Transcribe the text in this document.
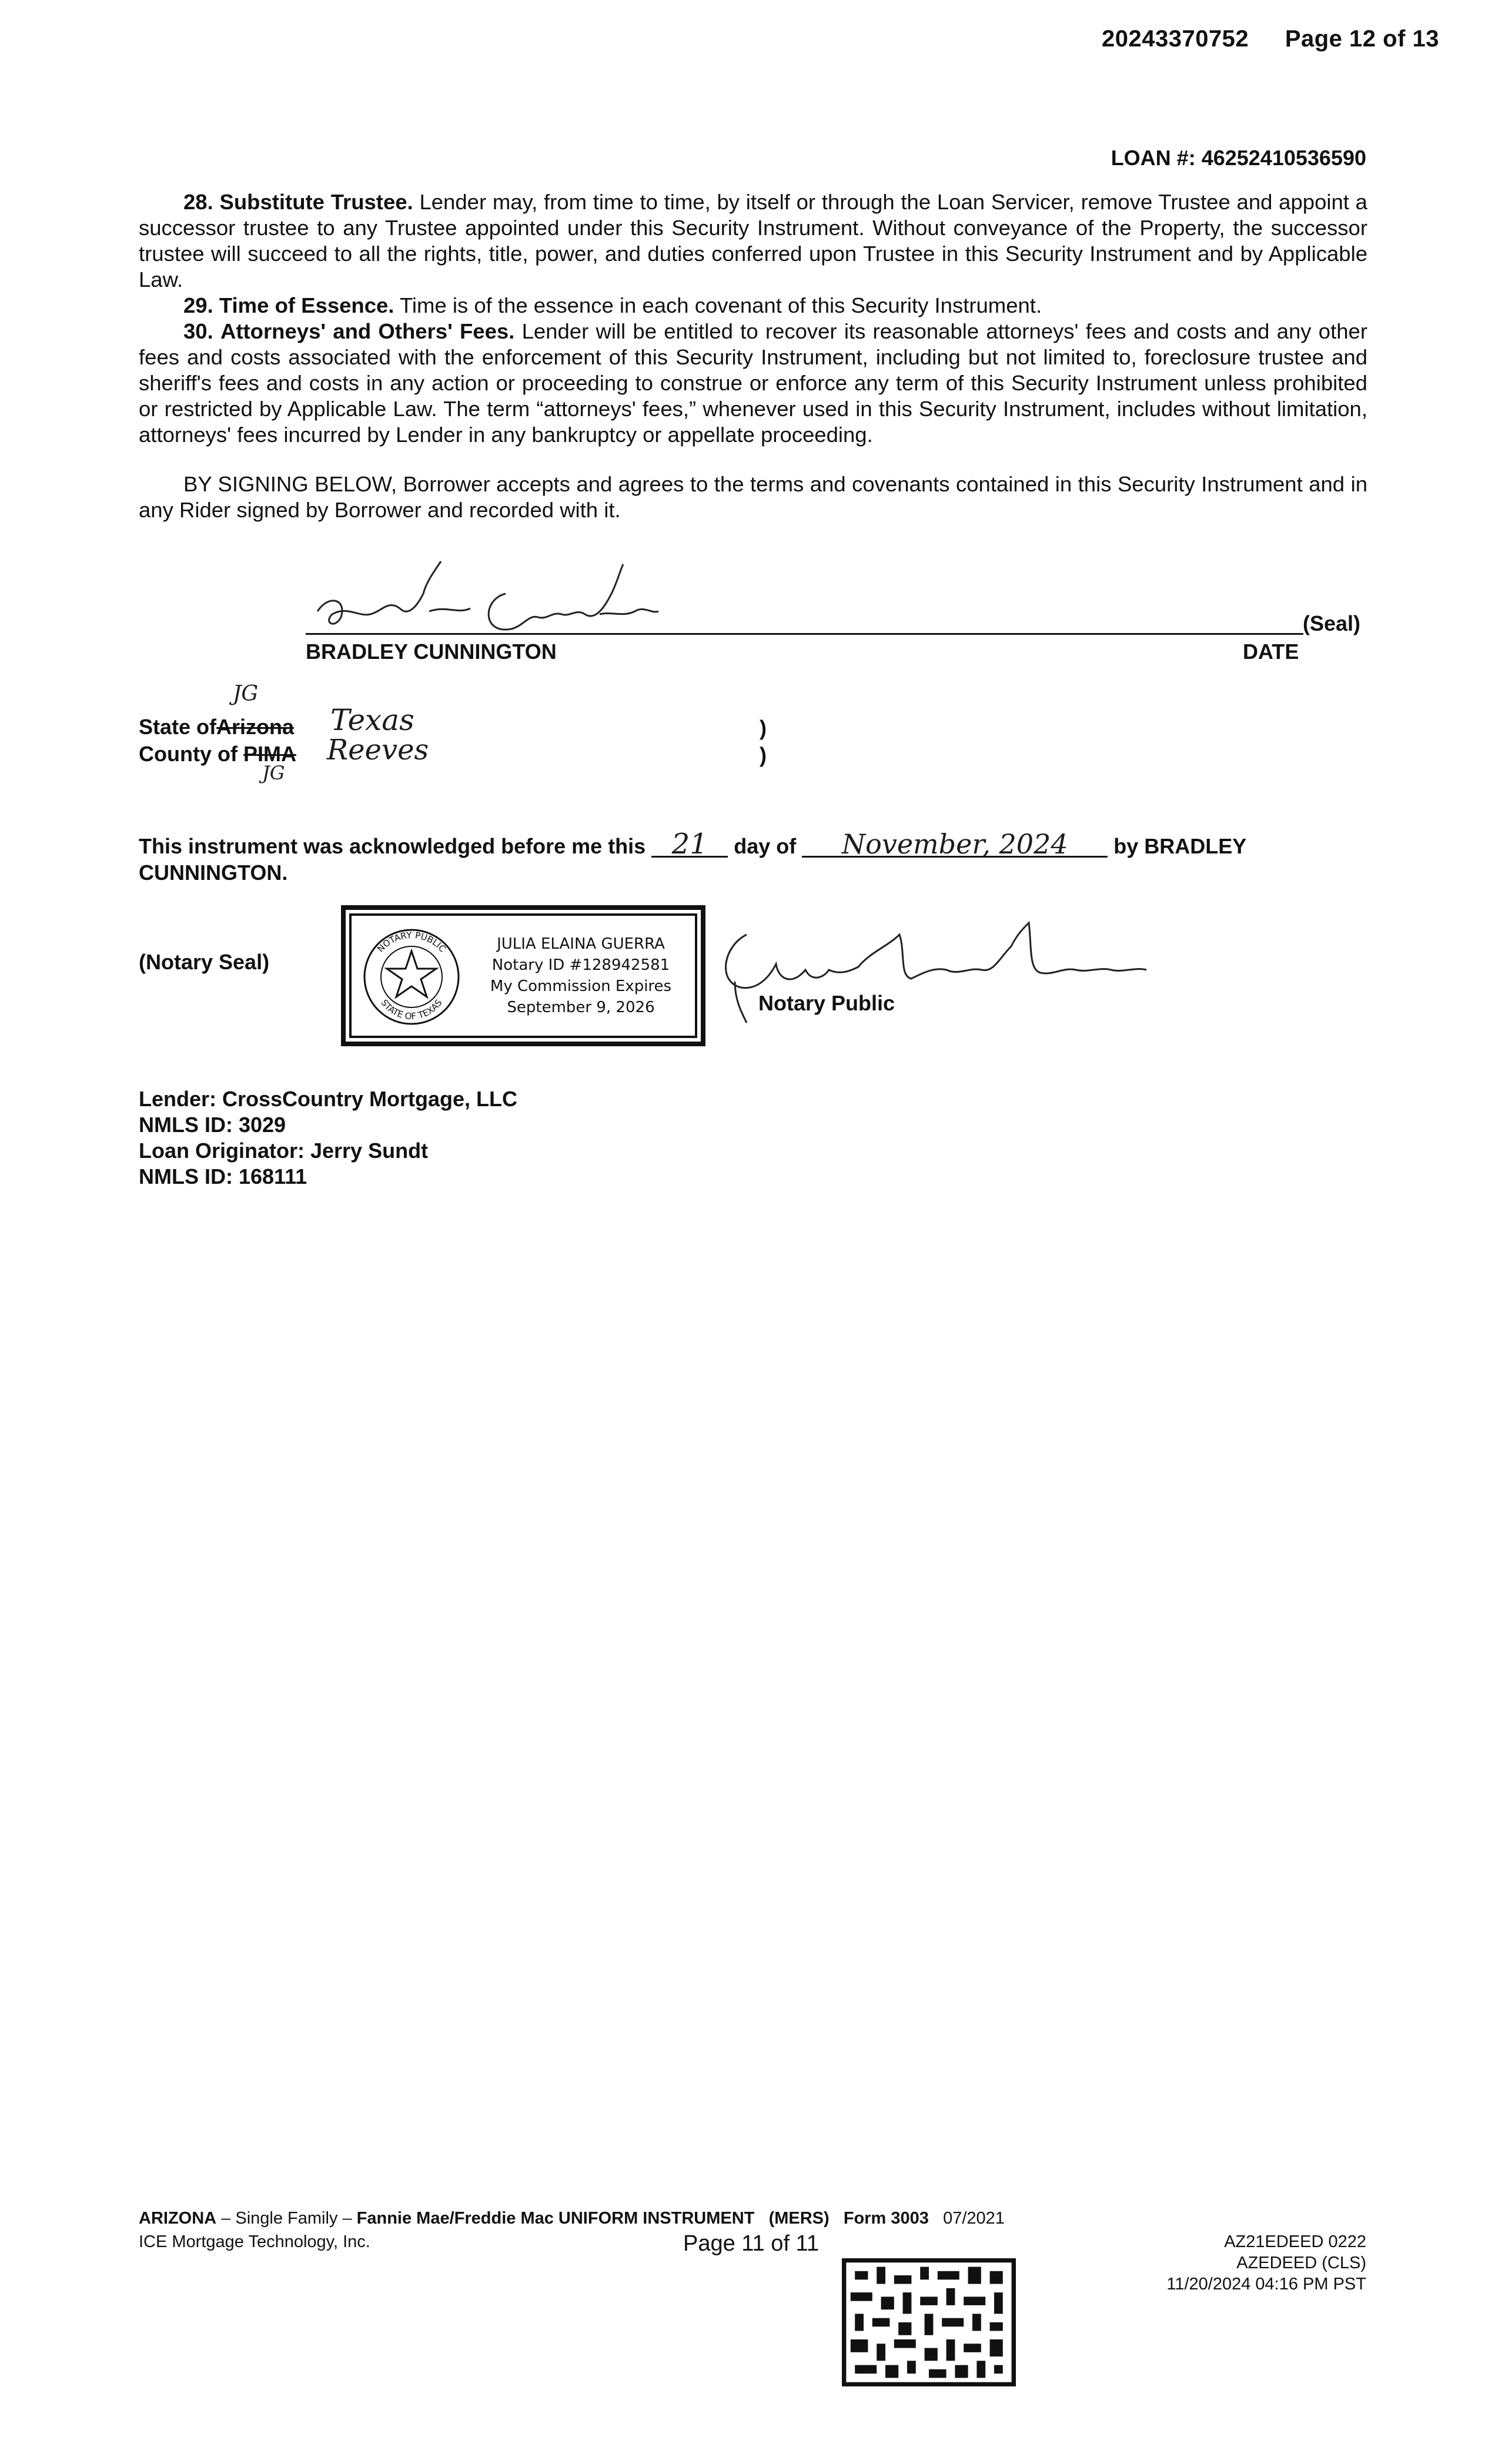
20243370752 Page 12 of 13
LOAN #: 46252410536590

28. Substitute Trustee. Lender may, from time to time, by itself or through the Loan Servicer, remove Trustee and appoint a successor trustee to any Trustee appointed under this Security Instrument. Without conveyance of the Property, the successor trustee will succeed to all the rights, title, power, and duties conferred upon Trustee in this Security Instrument and by Applicable Law.

29. Time of Essence. Time is of the essence in each covenant of this Security Instrument.

30. Attorneys' and Others' Fees. Lender will be entitled to recover its reasonable attorneys' fees and costs and any other fees and costs associated with the enforcement of this Security Instrument, including but not limited to, foreclosure trustee and sheriff's fees and costs in any action or proceeding to construe or enforce any term of this Security Instrument unless prohibited or restricted by Applicable Law. The term “attorneys' fees,” whenever used in this Security Instrument, includes without limitation, attorneys' fees incurred by Lender in any bankruptcy or appellate proceeding.

BY SIGNING BELOW, Borrower accepts and agrees to the terms and covenants contained in this Security Instrument and in any Rider signed by Borrower and recorded with it.

(Seal)
BRADLEY CUNNINGTON	DATE
JG
State ofArizona Texas
County of PIMA Reeves
JG
)
)
This instrument was acknowledged before me this 21 day of November, 2024 by BRADLEY
CUNNINGTON.
(Notary Seal)
NOTARY PUBLIC
STATE OF TEXAS
JULIA ELAINA GUERRA
Notary ID #128942581
My Commission Expires
September 9, 2026	Notary Public
Lender: CrossCountry Mortgage, LLC
NMLS ID: 3029
Loan Originator: Jerry Sundt
NMLS ID: 168111
ARIZONA – Single Family – Fannie Mae/Freddie Mac UNIFORM INSTRUMENT (MERS) Form 3003 07/2021
ICE Mortgage Technology, Inc.	Page 11 of 11	AZ21EDEED 0222
AZEDEED (CLS)
11/20/2024 04:16 PM PST
